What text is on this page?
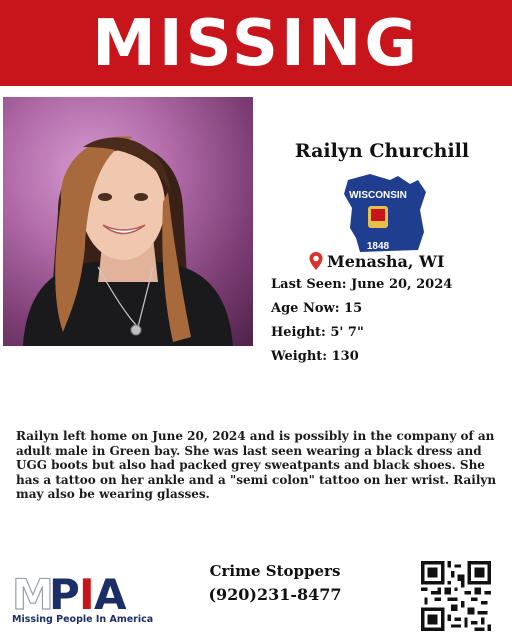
MISSING
Railyn Churchill
WISCONSIN
1848
Menasha, WI
Last Seen: June 20, 2024
Age Now: 15
Height: 5' 7"
Weight: 130
Railyn left home on June 20, 2024 and is possibly in the company of an adult male in Green bay. She was last seen wearing a black dress and UGG boots but also had packed grey sweatpants and black shoes. She has a tattoo on her ankle and a "semi colon" tattoo on her wrist. Railyn may also be wearing glasses.
M
P I A
Missing People In America
Crime Stoppers
(920)231-8477
